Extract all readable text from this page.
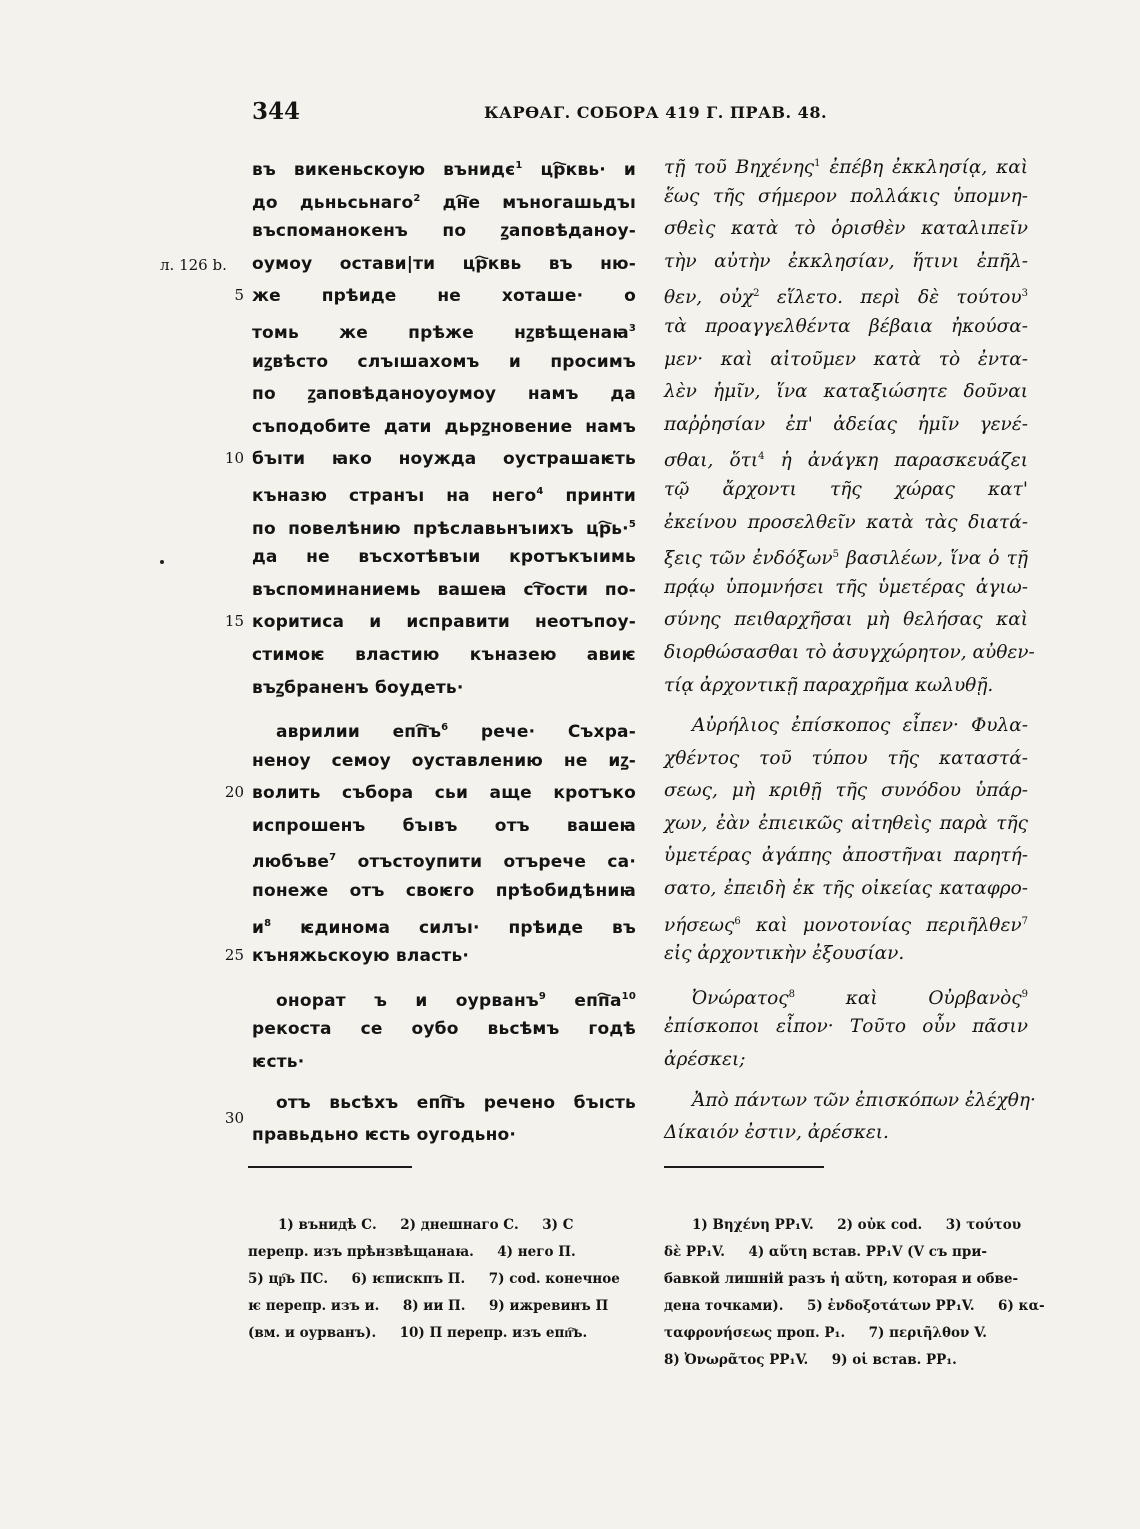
344	КАРѲАГ. СОБОРА 419 Г. ПРАВ. 48.
л. 126 b.
5
10
15
20
25
30
въ викеньскоую вънидє$^1$ цр҇квь· и
до дьньсьнаго$^2$ дн҇е мъногашьдъı
въспоманокенъ по ꙁаповѣданоу-
оумоу остави|ти цр҇квь въ ню-
же прѣиде не хоташе· о
томь же прѣже нꙁвѣщенаꙗ$^3$
иꙁвѣсто слъıшахомъ и просимъ
по ꙁаповѣданоуоумоу намъ да
съподобите дати дьрꙁновение намъ
бъıти ꙗко ноужда оустрашаѥть
къназю странъı на него$^4$ принти
по повелѣнию прѣславьнъıихъ цр҇ь·$^5$
да не въсхотѣвъıи кротъкъıимь
въспоминаниемь вашеꙗ ст҇ости по-
коритиса и исправити неотъпоу-
стимоѥ властию къназею авиѥ
въꙁбраненъ боудеть·
аврилии $епп҇ъ^6$ рече· Съхра-
неноу семоу оуставлению не иꙁ-
волить събора сьи аще кротъко
испрошенъ бъıвъ отъ вашеꙗ
любъве$^7$ отъстоупити отърече са·
понеже отъ своѥго прѣобидѣниꙗ
$и^8$ ѥдинома силъı· прѣиде въ
къняжьскоую власть·
онорат ъ и оурванъ$^9$ $епп҇а^{10}$
рекоста се оубо вьсѣмъ годѣ
ѥсть·
отъ вьсѣхъ епп҇ъ речено бъıсть
правьдьно ѥсть оугодьно·
τῇ τοῦ Βηχένης$^1$ ἐπέβη ἐκκλησίᾳ, καὶ
ἕως τῆς σήμερον πολλάκις ὑπομνη-
σθεὶς κατὰ τὸ ὁρισθὲν καταλιπεῖν
τὴν αὐτὴν ἐκκλησίαν, ἥτινι ἐπῆλ-
θεν, οὐχ$^2$ εἵλετο. περὶ δὲ τούτου$^3$
τὰ προαγγελθέντα βέβαια ἠκούσα-
μεν· καὶ αἰτοῦμεν κατὰ τὸ ἐντα-
λὲν ἡμῖν, ἵνα καταξιώσητε δοῦναι
παῤῥησίαν ἐπ' ἀδείας ἡμῖν γενέ-
σθαι, ὅτι$^4$ ἡ ἀνάγκη παρασκευάζει
τῷ ἄρχοντι τῆς χώρας κατ'
ἐκείνου προσελθεῖν κατὰ τὰς διατά-
ξεις τῶν ἐνδόξων$^5$ βασιλέων, ἵνα ὁ τῇ
πρᾴῳ ὑπομνήσει τῆς ὑμετέρας ἁγιω-
σύνης πειθαρχῆσαι μὴ θελήσας καὶ
διορθώσασθαι τὸ ἀσυγχώρητον, αὐθεν-
τίᾳ ἀρχοντικῇ παραχρῆμα κωλυθῇ.
Αὐρήλιος ἐπίσκοπος εἶπεν· Φυλα-
χθέντος τοῦ τύπου τῆς καταστά-
σεως, μὴ κριθῇ τῆς συνόδου ὑπάρ-
χων, ἐὰν ἐπιεικῶς αἰτηθεὶς παρὰ τῆς
ὑμετέρας ἀγάπης ἀποστῆναι παρητή-
σατο, ἐπειδὴ ἐκ τῆς οἰκείας καταφρο-
νήσεως$^6$ καὶ μονοτονίας περιῆλθεν$^7$
εἰς ἀρχοντικὴν ἐξουσίαν.
Ὀνώρατος$^8$ καὶ Οὐρβανὸς$^9$
ἐπίσκοποι εἶπον· Τοῦτο οὖν πᾶσιν
ἀρέσκει;
Ἀπὸ πάντων τῶν ἐπισκόπων ἐλέχθη·
Δίκαιόν ἐστιν, ἀρέσκει.
1) вънидѣ С.     2) днешнаго С.     3) С
перепр. изъ прѣнзвѣщанаꙗ.     4) него П.
5) цр҇ь ПС.     6) ѥпискпъ П.     7) cod. конечное
ѥ перепр. изъ и.     8) ии П.     9) ижревинъ П
(вм. и оурванъ).     10) П перепр. изъ епп҇ъ.
1) Βηχένη PP₁V.     2) οὐκ cod.     3) τούτου
δὲ PP₁V.     4) αὕτη встав. PP₁V (V съ при-
бавкой лишній разъ ἡ αὕτη, которая и обве-
дена точками).     5) ἐνδοξοτάτων PP₁V.     6) κα-
ταφρονήσεως проп. P₁.     7) περιῆλθον V.
8) Ὀνωρᾶτος PP₁V.     9) οἱ встав. PP₁.
